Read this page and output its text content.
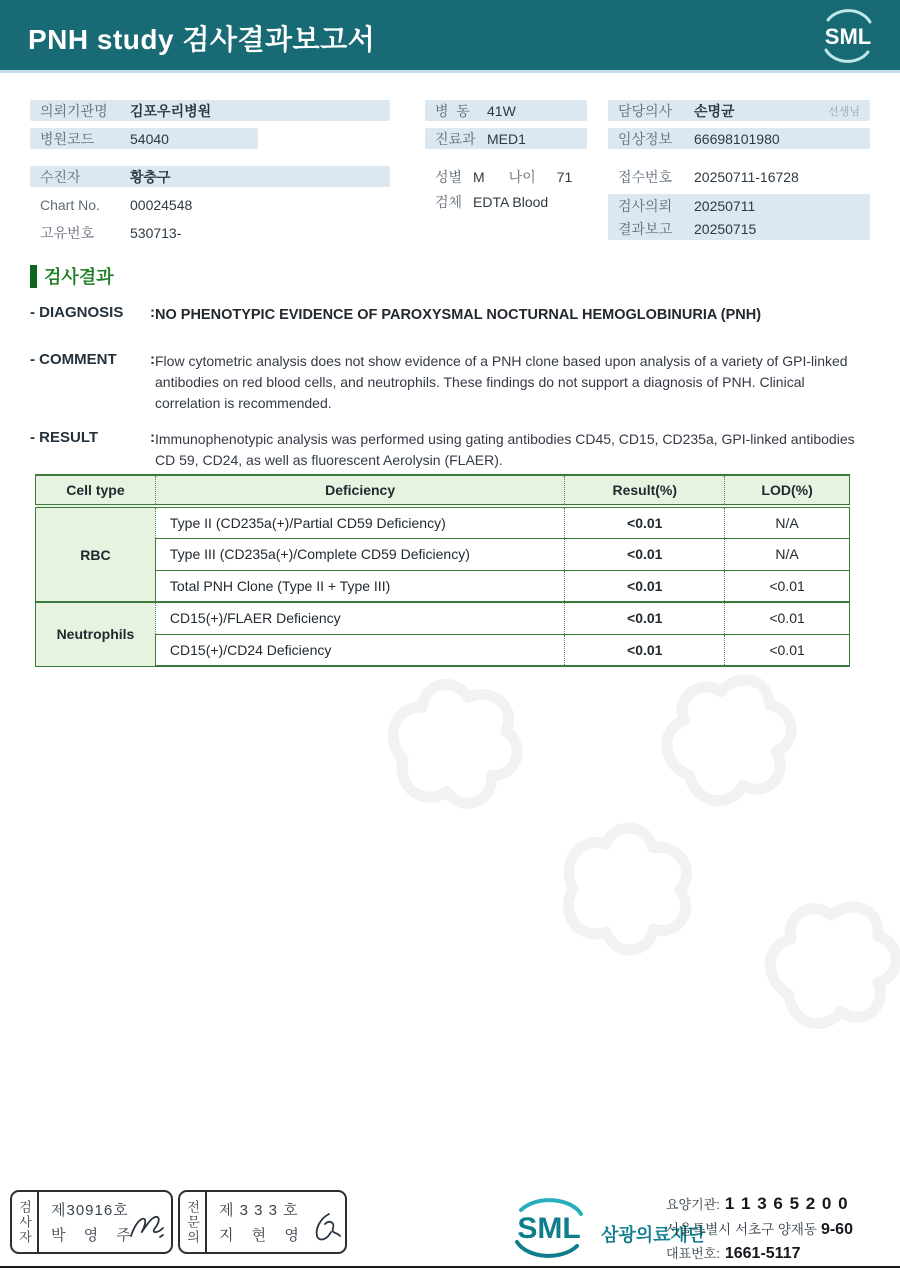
PNH study 검사결과보고서	SML
의뢰기관명	김포우리병원
병원코드	54040
수진자	황충구
Chart No.	00024548
고유번호	530713-
병  동	41W
진료과 MED1
성별 M 나이	71
검체 EDTA Blood
담당의사	손명균	선생님
임상정보	66698101980
접수번호	20250711-16728
검사의뢰	20250711
결과보고	20250715
검사결과
- DIAGNOSIS : NO PHENOTYPIC EVIDENCE OF PAROXYSMAL NOCTURNAL HEMOGLOBINURIA (PNH)
- COMMENT : Flow cytometric analysis does not show evidence of a PNH clone based upon analysis of a variety of GPI-linked antibodies on red blood cells, and neutrophils. These findings do not support a diagnosis of PNH. Clinical correlation is recommended.
- RESULT	: Immunophenotypic analysis was performed using gating antibodies CD45, CD15, CD235a, GPI-linked antibodies CD 59, CD24, as well as fluorescent Aerolysin (FLAER).
Cell type	Deficiency	Result(%)	LOD(%)
RBC	Type II (CD235a(+)/Partial CD59 Deficiency)	<0.01	N/A
	Type III (CD235a(+)/Complete CD59 Deficiency)	<0.01	N/A
	Total PNH Clone (Type II + Type III)	<0.01	<0.01
Neutrophils	CD15(+)/FLAER Deficiency	<0.01	<0.01
	CD15(+)/CD24 Deficiency	<0.01	<0.01
검사자	제30916호
박 영 주	전문의	제 3 3 3 호
지 현 영	SML 삼광의료재단
요양기관: 1 1 3 6 5 2 0 0
서울특별시 서초구 양재동 9-60
대표번호: 1661-5117
